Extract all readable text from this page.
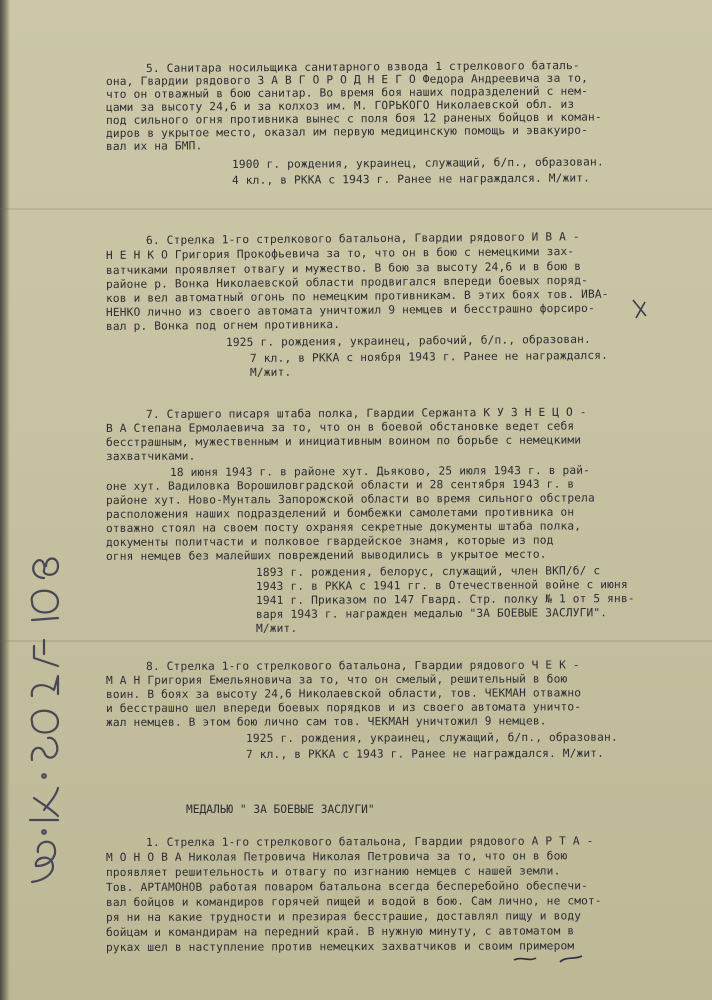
5. Санитара носильщика санитарного взвода 1 стрелкового баталь-
она, Гвардии рядового З А В Г О Р О Д Н Е Г О Федора Андреевича за то,
что он отважный в бою санитар. Во время боя наших подразделений с нем-
цами за высоту 24,6 и за колхоз им. М. ГОРЬКОГО Николаевской обл. из
под сильного огня противника вынес с поля боя 12 раненых бойцов и коман-
диров в укрытое место, оказал им первую медицинскую помощь и эвакуиро-
вал их на БМП.
1900 г. рождения, украинец, служащий, б/п., образован.
4 кл., в РККА с 1943 г. Ранее не награждался. М/жит.
6. Стрелка 1-го стрелкового батальона, Гвардии рядового И В А -
Н Е Н К О Григория Прокофьевича за то, что он в бою с немецкими зах-
ватчиками проявляет отвагу и мужество. В бою за высоту 24,6 и в бою в
районе р. Вонка Николаевской области продвигался впереди боевых поряд-
ков и вел автоматный огонь по немецким противникам. В этих боях тов. ИВА-
НЕНКО лично из своего автомата уничтожил 9 немцев и бесстрашно форсиро-
вал р. Вонка под огнем противника.
1925 г. рождения, украинец, рабочий, б/п., образован.
7 кл., в РККА с ноября 1943 г. Ранее не награждался.
М/жит.
7. Старшего писаря штаба полка, Гвардии Сержанта К У З Н Е Ц О -
В А Степана Ермолаевича за то, что он в боевой обстановке ведет себя
бесстрашным, мужественным и инициативным воином по борьбе с немецкими
захватчиками.
18 июня 1943 г. в районе хут. Дьяково, 25 июля 1943 г. в рай-
оне хут. Вадиловка Ворошиловградской области и 28 сентября 1943 г. в
районе хут. Ново-Мунталь Запорожской области во время сильного обстрела
расположения наших подразделений и бомбежки самолетами противника он
отважно стоял на своем посту охраняя секретные документы штаба полка,
документы политчасти и полковое гвардейское знамя, которые из под
огня немцев без малейших повреждений выводились в укрытое место.
1893 г. рождения, белорус, служащий, член ВКП/б/ с
1943 г. в РККА с 1941 гг. в Отечественной войне с июня
1941 г. Приказом по 147 Гвард. Стр. полку № 1 от 5 янв-
варя 1943 г. награжден медалью "ЗА БОЕВЫЕ ЗАСЛУГИ".
М/жит.
8. Стрелка 1-го стрелкового батальона, Гвардии рядового Ч Е К -
М А Н Григория Емельяновича за то, что он смелый, решительный в бою
воин. В боях за высоту 24,6 Николаевской области, тов. ЧЕКМАН отважно
и бесстрашно шел впереди боевых порядков и из своего автомата уничто-
жал немцев. В этом бою лично сам тов. ЧЕКМАН уничтожил 9 немцев.
1925 г. рождения, украинец, служащий, б/п., образован.
7 кл., в РККА с 1943 г. Ранее не награждался. М/жит.
МЕДАЛЬЮ " ЗА БОЕВЫЕ ЗАСЛУГИ"
1. Стрелка 1-го стрелкового батальона, Гвардии рядового А Р Т А -
М О Н О В А Николая Петровича Николая Петровича за то, что он в бою
проявляет решительность и отвагу по изгнанию немцев с нашей земли.
Тов. АРТАМОНОВ работая поваром батальона всегда бесперебойно обеспечи-
вал бойцов и командиров горячей пищей и водой в бою. Сам лично, не смот-
ря ни на какие трудности и презирая бесстрашие, доставлял пищу и воду
бойцам и командирам на передний край. В нужную минуту, с автоматом в
руках шел в наступление против немецких захватчиков и своим примером
